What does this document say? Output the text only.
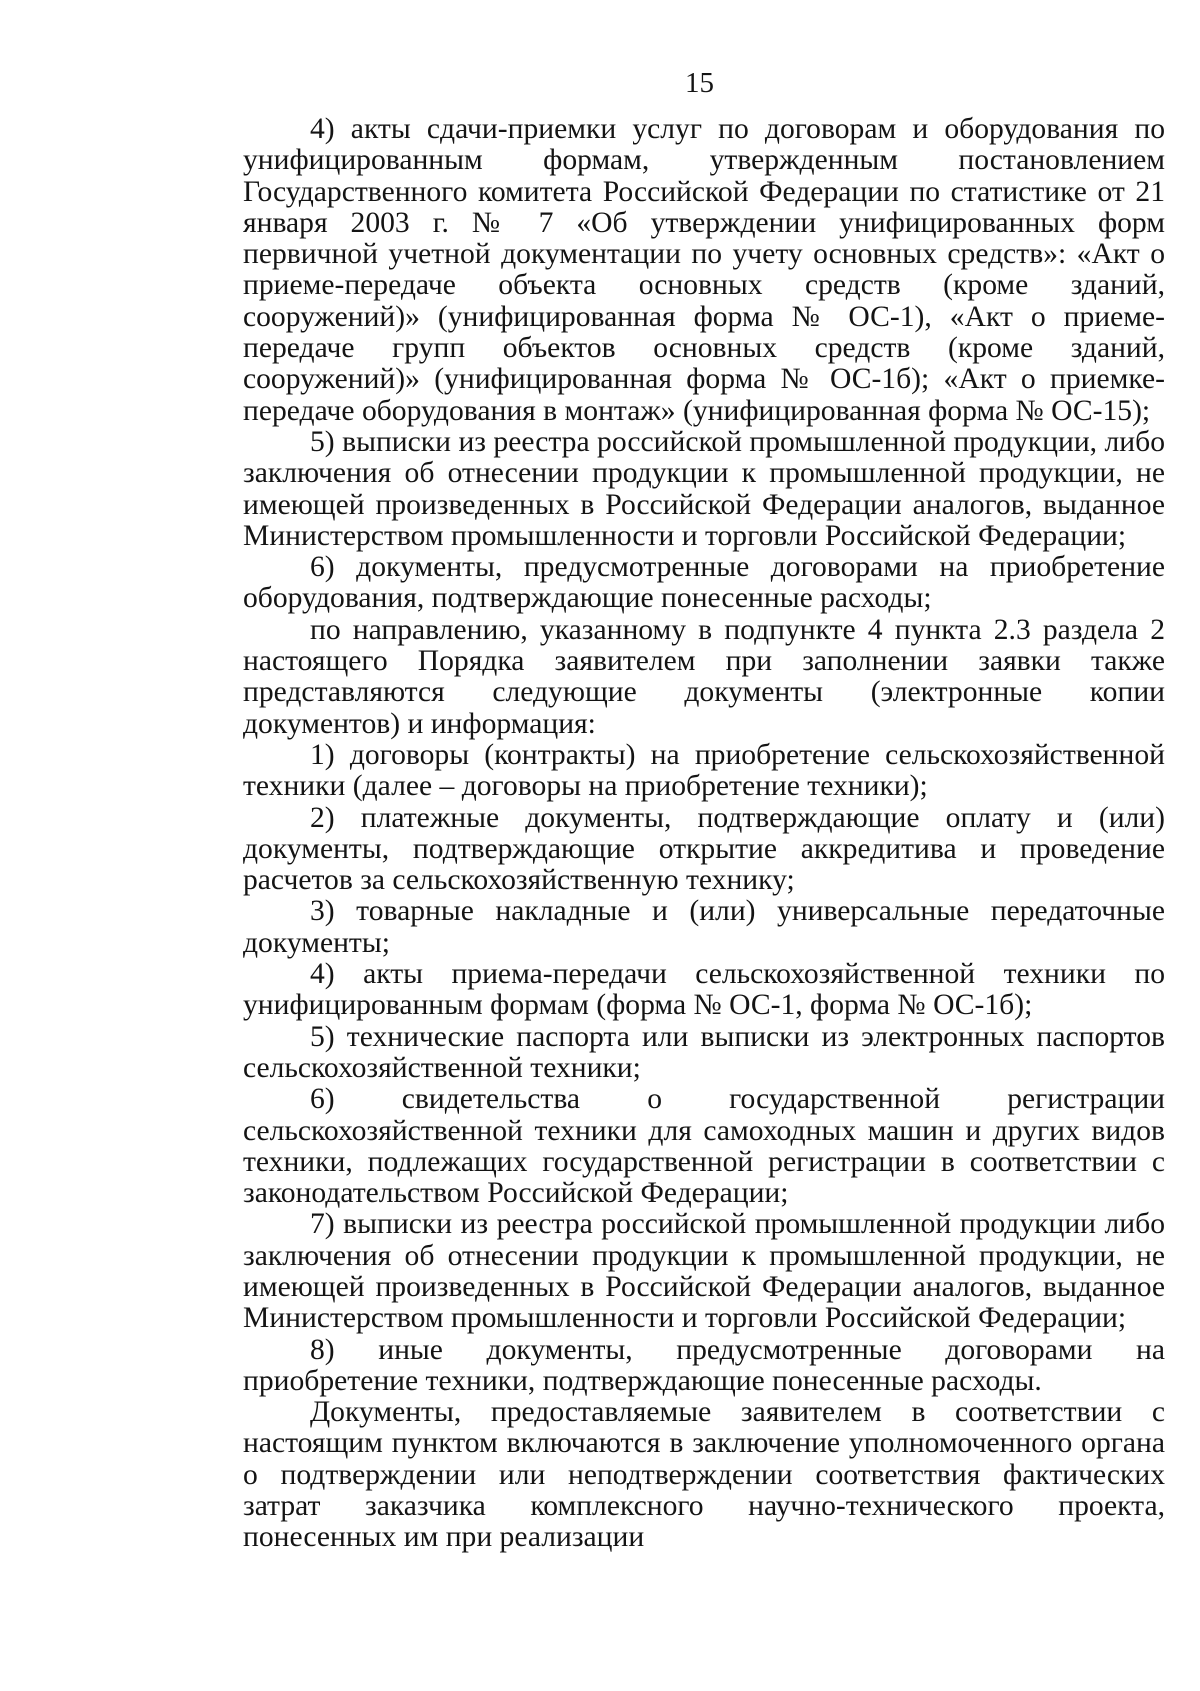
15

4) акты сдачи-приемки услуг по договорам и оборудования по унифицированным формам, утвержденным постановлением Государственного комитета Российской Федерации по статистике от 21 января 2003 г. № 7 «Об утверждении унифицированных форм первичной учетной документации по учету основных средств»: «Акт о приеме-передаче объекта основных средств (кроме зданий, сооружений)» (унифицированная форма № ОС-1), «Акт о приеме-передаче групп объектов основных средств (кроме зданий, сооружений)» (унифицированная форма № ОС-1б); «Акт о приемке-передаче оборудования в монтаж» (унифицированная форма № ОС-15);

5) выписки из реестра российской промышленной продукции, либо заключения об отнесении продукции к промышленной продукции, не имеющей произведенных в Российской Федерации аналогов, выданное Министерством промышленности и торговли Российской Федерации;

6) документы, предусмотренные договорами на приобретение оборудования, подтверждающие понесенные расходы;

по направлению, указанному в подпункте 4 пункта 2.3 раздела 2 настоящего Порядка заявителем при заполнении заявки также представляются следующие документы (электронные копии документов) и информация:

1) договоры (контракты) на приобретение сельскохозяйственной техники (далее – договоры на приобретение техники);

2) платежные документы, подтверждающие оплату и (или) документы, подтверждающие открытие аккредитива и проведение расчетов за сельскохозяйственную технику;

3) товарные накладные и (или) универсальные передаточные документы;

4) акты приема-передачи сельскохозяйственной техники по унифицированным формам (форма № ОС-1, форма № ОС-1б);

5) технические паспорта или выписки из электронных паспортов сельскохозяйственной техники;

6) свидетельства о государственной регистрации сельскохозяйственной техники для самоходных машин и других видов техники, подлежащих государственной регистрации в соответствии с законодательством Российской Федерации;

7) выписки из реестра российской промышленной продукции либо заключения об отнесении продукции к промышленной продукции, не имеющей произведенных в Российской Федерации аналогов, выданное Министерством промышленности и торговли Российской Федерации;

8) иные документы, предусмотренные договорами на приобретение техники, подтверждающие понесенные расходы.

Документы, предоставляемые заявителем в соответствии с настоящим пунктом включаются в заключение уполномоченного органа о подтверждении или неподтверждении соответствия фактических затрат заказчика комплексного научно-технического проекта, понесенных им при реализации
